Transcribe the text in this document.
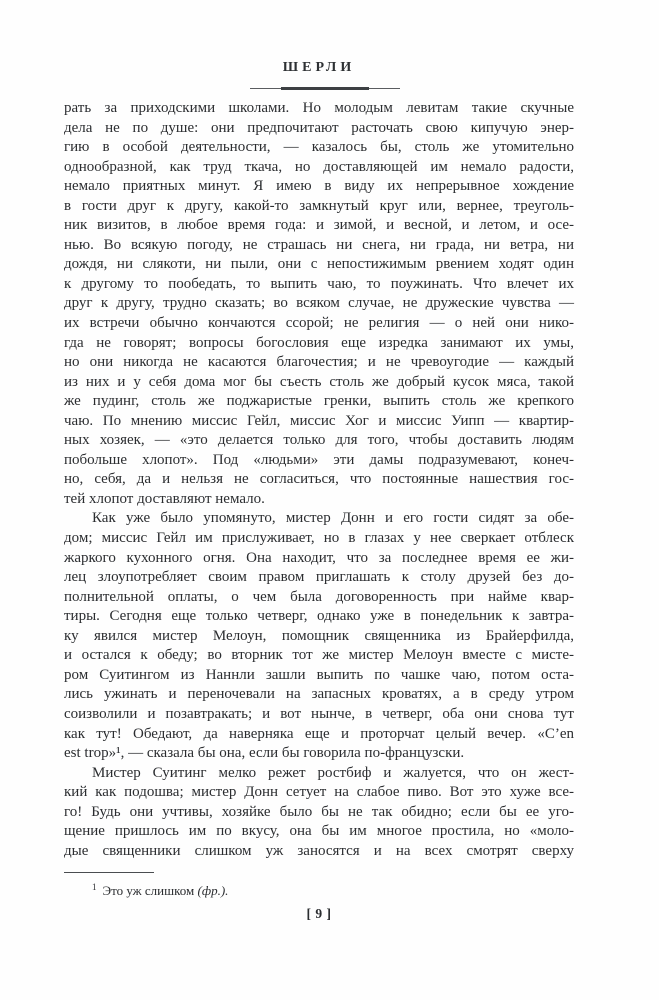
ШЕРЛИ
рать за приходскими школами. Но молодым левитам такие скучные
дела не по душе: они предпочитают расточать свою кипучую энер-
гию в особой деятельности, — казалось бы, столь же утомительно
однообразной, как труд ткача, но доставляющей им немало радости,
немало приятных минут. Я имею в виду их непрерывное хождение
в гости друг к другу, какой-то замкнутый круг или, вернее, треуголь-
ник визитов, в любое время года: и зимой, и весной, и летом, и осе-
нью. Во всякую погоду, не страшась ни снега, ни града, ни ветра, ни
дождя, ни слякоти, ни пыли, они с непостижимым рвением ходят один
к другому то пообедать, то выпить чаю, то поужинать. Что влечет их
друг к другу, трудно сказать; во всяком случае, не дружеские чувства —
их встречи обычно кончаются ссорой; не религия — о ней они нико-
гда не говорят; вопросы богословия еще изредка занимают их умы,
но они никогда не касаются благочестия; и не чревоугодие — каждый
из них и у себя дома мог бы съесть столь же добрый кусок мяса, такой
же пудинг, столь же поджаристые гренки, выпить столь же крепкого
чаю. По мнению миссис Гейл, миссис Хог и миссис Уипп — квартир-
ных хозяек, — «это делается только для того, чтобы доставить людям
побольше хлопот». Под «людьми» эти дамы подразумевают, конеч-
но, себя, да и нельзя не согласиться, что постоянные нашествия гос-
тей хлопот доставляют немало.
Как уже было упомянуто, мистер Донн и его гости сидят за обе-
дом; миссис Гейл им прислуживает, но в глазах у нее сверкает отблеск
жаркого кухонного огня. Она находит, что за последнее время ее жи-
лец злоупотребляет своим правом приглашать к столу друзей без до-
полнительной оплаты, о чем была договоренность при найме квар-
тиры. Сегодня еще только четверг, однако уже в понедельник к завтра-
ку явился мистер Мелоун, помощник священника из Брайерфилда,
и остался к обеду; во вторник тот же мистер Мелоун вместе с мисте-
ром Суитингом из Наннли зашли выпить по чашке чаю, потом оста-
лись ужинать и переночевали на запасных кроватях, а в среду утром
соизволили и позавтракать; и вот нынче, в четверг, оба они снова тут
как тут! Обедают, да наверняка еще и проторчат целый вечер. «C’en
est trop»¹, — сказала бы она, если бы говорила по-французски.
Мистер Суитинг мелко режет ростбиф и жалуется, что он жест-
кий как подошва; мистер Донн сетует на слабое пиво. Вот это хуже все-
го! Будь они учтивы, хозяйке было бы не так обидно; если бы ее уго-
щение пришлось им по вкусу, она бы им многое простила, но «моло-
дые священники слишком уж заносятся и на всех смотрят сверху
$^1$ Это уж слишком (фр.).
[ 9 ]
